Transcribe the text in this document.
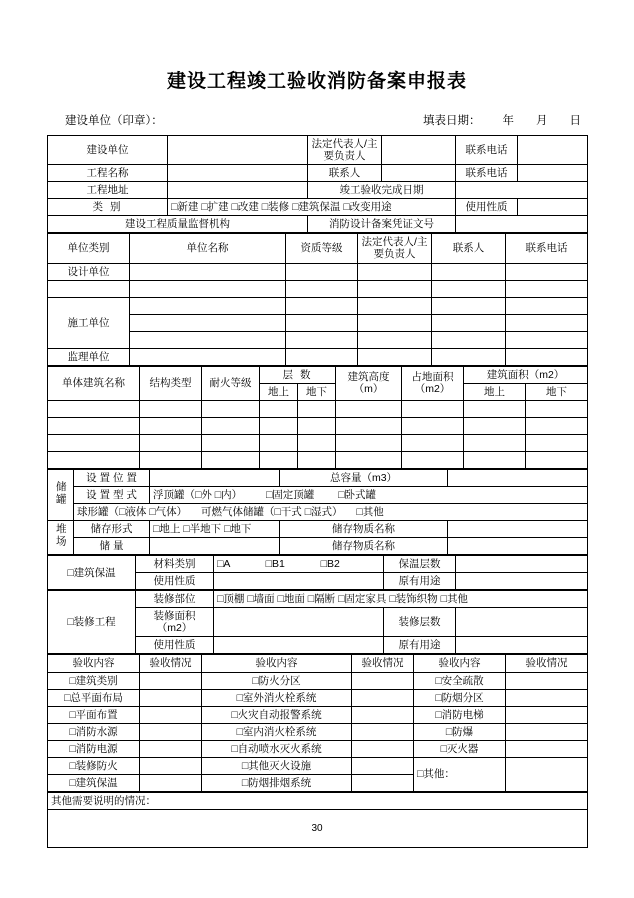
建设工程竣工验收消防备案申报表
建设单位（印章）：	填表日期： 年 月 日
建设单位		法定代表人/主要负责人		联系电话	
工程名称		联系人		联系电话	
工程地址		竣工验收完成日期			
类 别	□新建 □扩建 □改建 □装修 □建筑保温 □改变用途			使用性质	
建设工程质量监督机构		消防设计备案凭证文号			
单位类别	单位名称	资质等级	法定代表人/主要负责人	联系人	联系电话
设计单位					

施工单位					

监理单位					
单体建筑名称	结构类型	耐火等级	层 数		建筑高度（m）	占地面积（m2）	建筑面积（m2）	
			地上	地下			地上	地下

储罐	设 置 位 置		总容量（m3）	
	设 置 型 式	浮顶罐（□外 □内） □固定顶罐 □卧式罐		
	球形罐（□液体 □气体） 可燃气体储罐（□干式 □湿式） □其他			
堆场	储存形式	□地上 □半地下 □地下	储存物质名称	
	储 量		储存物质名称	
□建筑保温	材料类别	□A □B1 □B2	保温层数	
	使用性质		原有用途	
□装修工程	装修部位	□顶棚 □墙面 □地面 □隔断 □固定家具 □装饰织物 □其他		

	装修面积（m2）		装修层数	
	使用性质		原有用途	
验收内容	验收情况	验收内容	验收情况	验收内容	验收情况
□建筑类别		□防火分区		□安全疏散	
□总平面布局		□室外消火栓系统		□防烟分区	
□平面布置		□火灾自动报警系统		□消防电梯	
□消防水源		□室内消火栓系统		□防爆	
□消防电源		□自动喷水灭火系统		□灭火器	
□装修防火		□其他灭火设施		□其他：	
□建筑保温		□防烟排烟系统			
其他需要说明的情况：

30
